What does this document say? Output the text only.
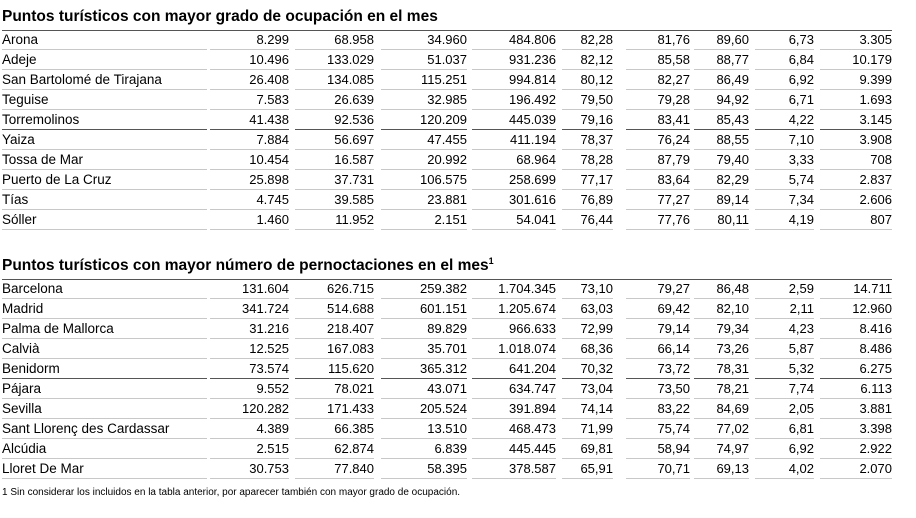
Puntos turísticos con mayor grado de ocupación en el mes
Arona	8.299	68.958	34.960	484.806	82,28	81,76	89,60	6,73	3.305
Adeje	10.496	133.029	51.037	931.236	82,12	85,58	88,77	6,84	10.179
San Bartolomé de Tirajana	26.408	134.085	115.251	994.814	80,12	82,27	86,49	6,92	9.399
Teguise	7.583	26.639	32.985	196.492	79,50	79,28	94,92	6,71	1.693
Torremolinos	41.438	92.536	120.209	445.039	79,16	83,41	85,43	4,22	3.145
Yaiza	7.884	56.697	47.455	411.194	78,37	76,24	88,55	7,10	3.908
Tossa de Mar	10.454	16.587	20.992	68.964	78,28	87,79	79,40	3,33	708
Puerto de La Cruz	25.898	37.731	106.575	258.699	77,17	83,64	82,29	5,74	2.837
Tías	4.745	39.585	23.881	301.616	76,89	77,27	89,14	7,34	2.606
Sóller	1.460	11.952	2.151	54.041	76,44	77,76	80,11	4,19	807
Puntos turísticos con mayor número de pernoctaciones en el mes$^1$
Barcelona	131.604	626.715	259.382	1.704.345	73,10	79,27	86,48	2,59	14.711
Madrid	341.724	514.688	601.151	1.205.674	63,03	69,42	82,10	2,11	12.960
Palma de Mallorca	31.216	218.407	89.829	966.633	72,99	79,14	79,34	4,23	8.416
Calvià	12.525	167.083	35.701	1.018.074	68,36	66,14	73,26	5,87	8.486
Benidorm	73.574	115.620	365.312	641.204	70,32	73,72	78,31	5,32	6.275
Pájara	9.552	78.021	43.071	634.747	73,04	73,50	78,21	7,74	6.113
Sevilla	120.282	171.433	205.524	391.894	74,14	83,22	84,69	2,05	3.881
Sant Llorenç des Cardassar	4.389	66.385	13.510	468.473	71,99	75,74	77,02	6,81	3.398
Alcúdia	2.515	62.874	6.839	445.445	69,81	58,94	74,97	6,92	2.922
Lloret De Mar	30.753	77.840	58.395	378.587	65,91	70,71	69,13	4,02	2.070
1 Sin considerar los incluidos en la tabla anterior, por aparecer también con mayor grado de ocupación.
